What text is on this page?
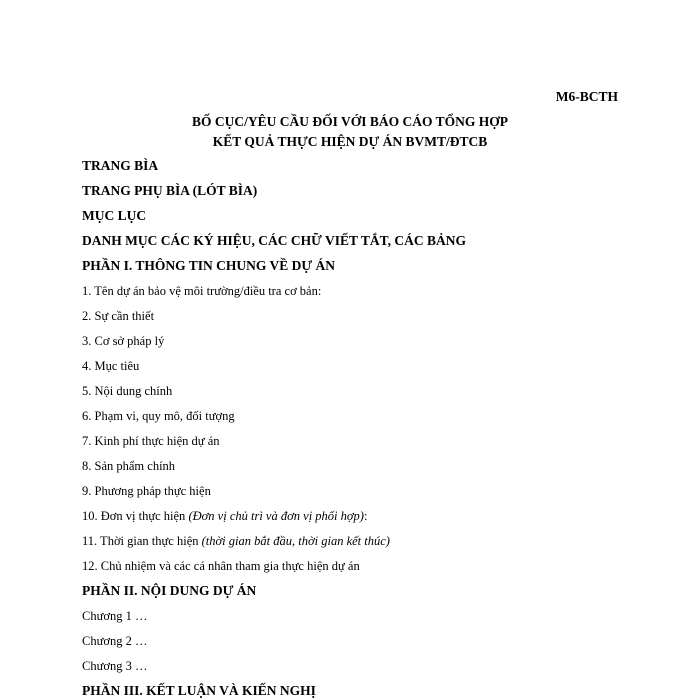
M6-BCTH
BỐ CỤC/YÊU CẦU ĐỐI VỚI BÁO CÁO TỔNG HỢP
KẾT QUẢ THỰC HIỆN DỰ ÁN BVMT/ĐTCB
TRANG BÌA
TRANG PHỤ BÌA (LÓT BÌA)
MỤC LỤC
DANH MỤC CÁC KÝ HIỆU, CÁC CHỮ VIẾT TẮT, CÁC BẢNG
PHẦN I. THÔNG TIN CHUNG VỀ DỰ ÁN
1. Tên dự án bảo vệ môi trường/điều tra cơ bản:
2. Sự cần thiết
3. Cơ sở pháp lý
4. Mục tiêu
5. Nội dung chính
6. Phạm vi, quy mô, đối tượng
7. Kinh phí thực hiện dự án
8. Sản phẩm chính
9. Phương pháp thực hiện
10. Đơn vị thực hiện (Đơn vị chủ trì và đơn vị phối hợp):
11. Thời gian thực hiện (thời gian bắt đầu, thời gian kết thúc)
12. Chủ nhiệm và các cá nhân tham gia thực hiện dự án
PHẦN II. NỘI DUNG DỰ ÁN
Chương 1 …
Chương 2 …
Chương 3 …
PHẦN III. KẾT LUẬN VÀ KIẾN NGHỊ
